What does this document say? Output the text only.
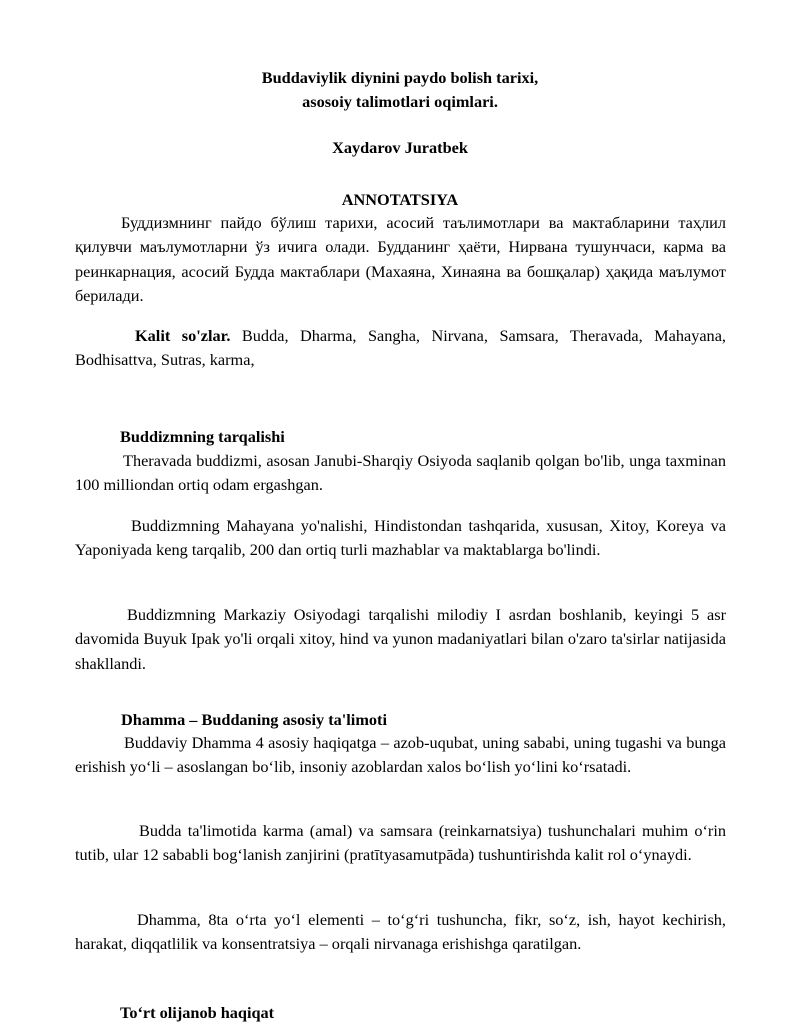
Buddaviylik diynini paydo bolish tarixi,
asosoiy talimotlari oqimlari.
Xaydarov Juratbek
ANNOTATSIYA

Буддизмнинг пайдо бўлиш тарихи, асосий таълимотлари ва мактабларини таҳлил қилувчи маълумотларни ўз ичига олади. Будданинг ҳаёти, Нирвана тушунчаси, карма ва реинкарнация, асосий Будда мактаблари (Махаяна, Хинаяна ва бошқалар) ҳақида маълумот берилади.

Kalit so'zlar. Budda, Dharma, Sangha, Nirvana, Samsara, Theravada, Mahayana, Bodhisattva, Sutras, karma,

Buddizmning tarqalishi

Theravada buddizmi, asosan Janubi-Sharqiy Osiyoda saqlanib qolgan bo'lib, unga taxminan 100 milliondan ortiq odam ergashgan.

Buddizmning Mahayana yo'nalishi, Hindistondan tashqarida, xususan, Xitoy, Koreya va Yaponiyada keng tarqalib, 200 dan ortiq turli mazhablar va maktablarga bo'lindi.

Buddizmning Markaziy Osiyodagi tarqalishi milodiy I asrdan boshlanib, keyingi 5 asr davomida Buyuk Ipak yo'li orqali xitoy, hind va yunon madaniyatlari bilan o'zaro ta'sirlar natijasida shakllandi.

Dhamma – Buddaning asosiy ta'limoti

Buddaviy Dhamma 4 asosiy haqiqatga – azob-uqubat, uning sababi, uning tugashi va bunga erishish yo‘li – asoslangan bo‘lib, insoniy azoblardan xalos bo‘lish yo‘lini ko‘rsatadi.

Budda ta'limotida karma (amal) va samsara (reinkarnatsiya) tushunchalari muhim o‘rin tutib, ular 12 sababli bog‘lanish zanjirini (pratītyasamutpāda) tushuntirishda kalit rol o‘ynaydi.

Dhamma, 8ta o‘rta yo‘l elementi – to‘g‘ri tushuncha, fikr, so‘z, ish, hayot kechirish, harakat, diqqatlilik va konsentratsiya – orqali nirvanaga erishishga qaratilgan.

To‘rt olijanob haqiqat
